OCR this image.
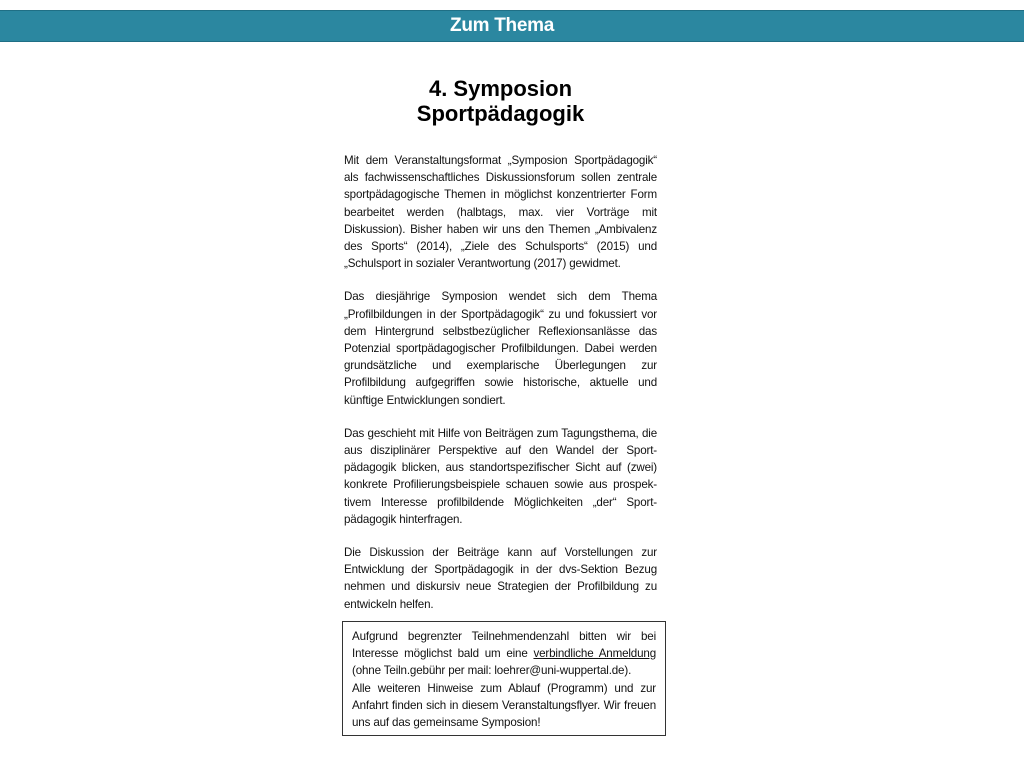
Zum Thema
4. Symposion
Sportpädagogik

Mit dem Veranstaltungsformat „Symposion Sportpädagogik“ als fachwissenschaftliches Diskussionsforum sollen zentrale sportpädagogische Themen in möglichst konzentrierter Form bearbeitet werden (halbtags, max. vier Vorträge mit Diskussion). Bisher haben wir uns den Themen „Ambivalenz des Sports“ (2014), „Ziele des Schulsports“ (2015) und „Schulsport in sozialer Verantwortung (2017) gewidmet.

Das diesjährige Symposion wendet sich dem Thema „Profilbildungen in der Sportpädagogik“ zu und fokussiert vor dem Hintergrund selbstbezüglicher Reflexionsanlässe das Potenzial sportpädagogischer Profilbildungen. Dabei werden grundsätzliche und exemplarische Überlegungen zur Profilbildung aufgegriffen sowie historische, aktuelle und künftige Entwicklungen sondiert.

Das geschieht mit Hilfe von Beiträgen zum Tagungsthema, die aus disziplinärer Perspektive auf den Wandel der Sport-pädagogik blicken, aus standortspezifischer Sicht auf (zwei) konkrete Profilierungsbeispiele schauen sowie aus prospek-tivem Interesse profilbildende Möglichkeiten „der“ Sport-pädagogik hinterfragen.

Die Diskussion der Beiträge kann auf Vorstellungen zur Entwicklung der Sportpädagogik in der dvs-Sektion Bezug nehmen und diskursiv neue Strategien der Profilbildung zu entwickeln helfen.

Aufgrund begrenzter Teilnehmendenzahl bitten wir bei Interesse möglichst bald um eine verbindliche Anmeldung (ohne Teiln.gebühr per mail: loehrer@uni-wuppertal.de).

Alle weiteren Hinweise zum Ablauf (Programm) und zur Anfahrt finden sich in diesem Veranstaltungsflyer. Wir freuen uns auf das gemeinsame Symposion!
